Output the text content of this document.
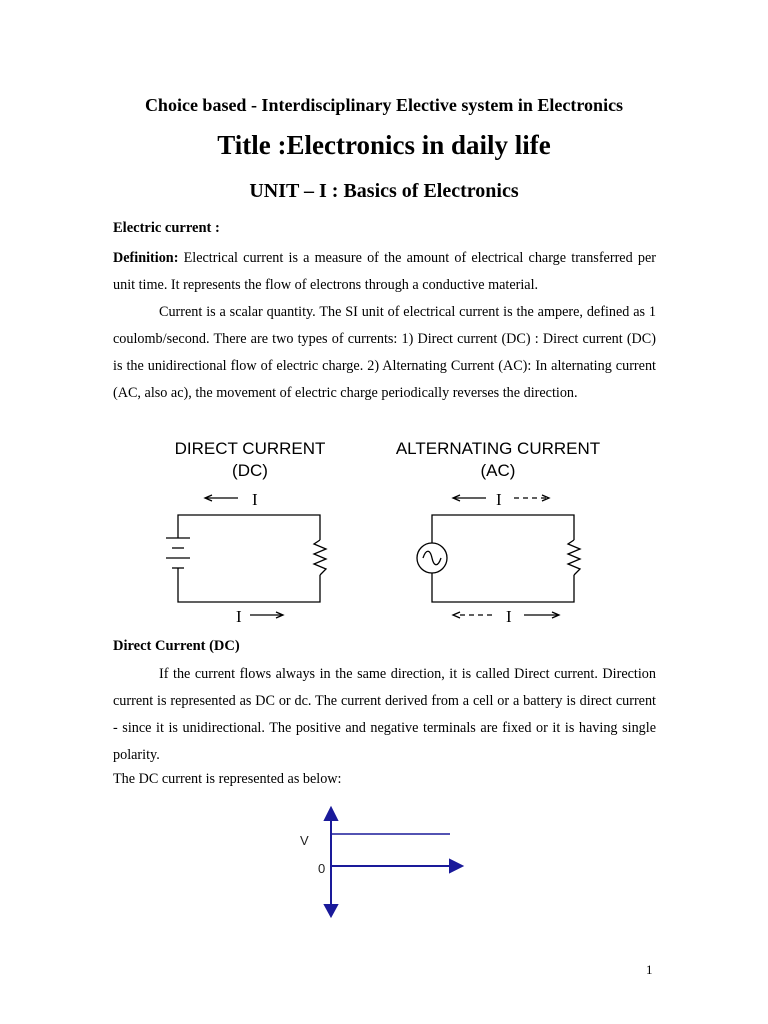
Choice based - Interdisciplinary Elective system in Electronics
Title :Electronics in daily life
UNIT – I : Basics of Electronics
Electric current :

Definition: Electrical current is a measure of the amount of electrical charge transferred per unit time. It represents the flow of electrons through a conductive material.

Current is a scalar quantity. The SI unit of electrical current is the ampere, defined as 1 coulomb/second. There are two types of currents: 1) Direct current (DC) : Direct current (DC) is the unidirectional flow of electric charge. 2) Alternating Current (AC): In alternating current (AC, also ac), the movement of electric charge periodically reverses the direction.

DIRECT CURRENT
(DC)
ALTERNATING CURRENT
(AC)
I
I
I
I
Direct Current (DC)

If the current flows always in the same direction, it is called Direct current. Direction current is represented as DC or dc. The current derived from a cell or a battery is direct current - since it is unidirectional. The positive and negative terminals are fixed or it is having single polarity.

The DC current is represented as below:

V
0
1
